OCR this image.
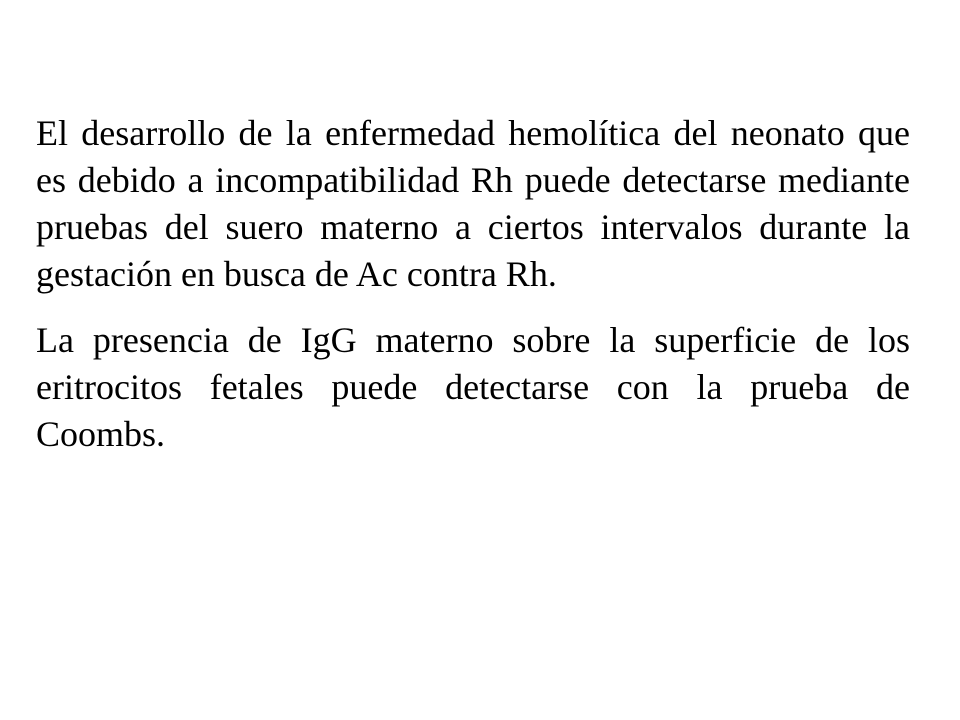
El desarrollo de la enfermedad hemolítica del neonato que es debido a incompatibilidad Rh puede detectarse mediante pruebas del suero materno a ciertos intervalos durante la gestación en busca de Ac contra Rh.

La presencia de IgG materno sobre la superficie de los eritrocitos fetales puede detectarse con la prueba de Coombs.
